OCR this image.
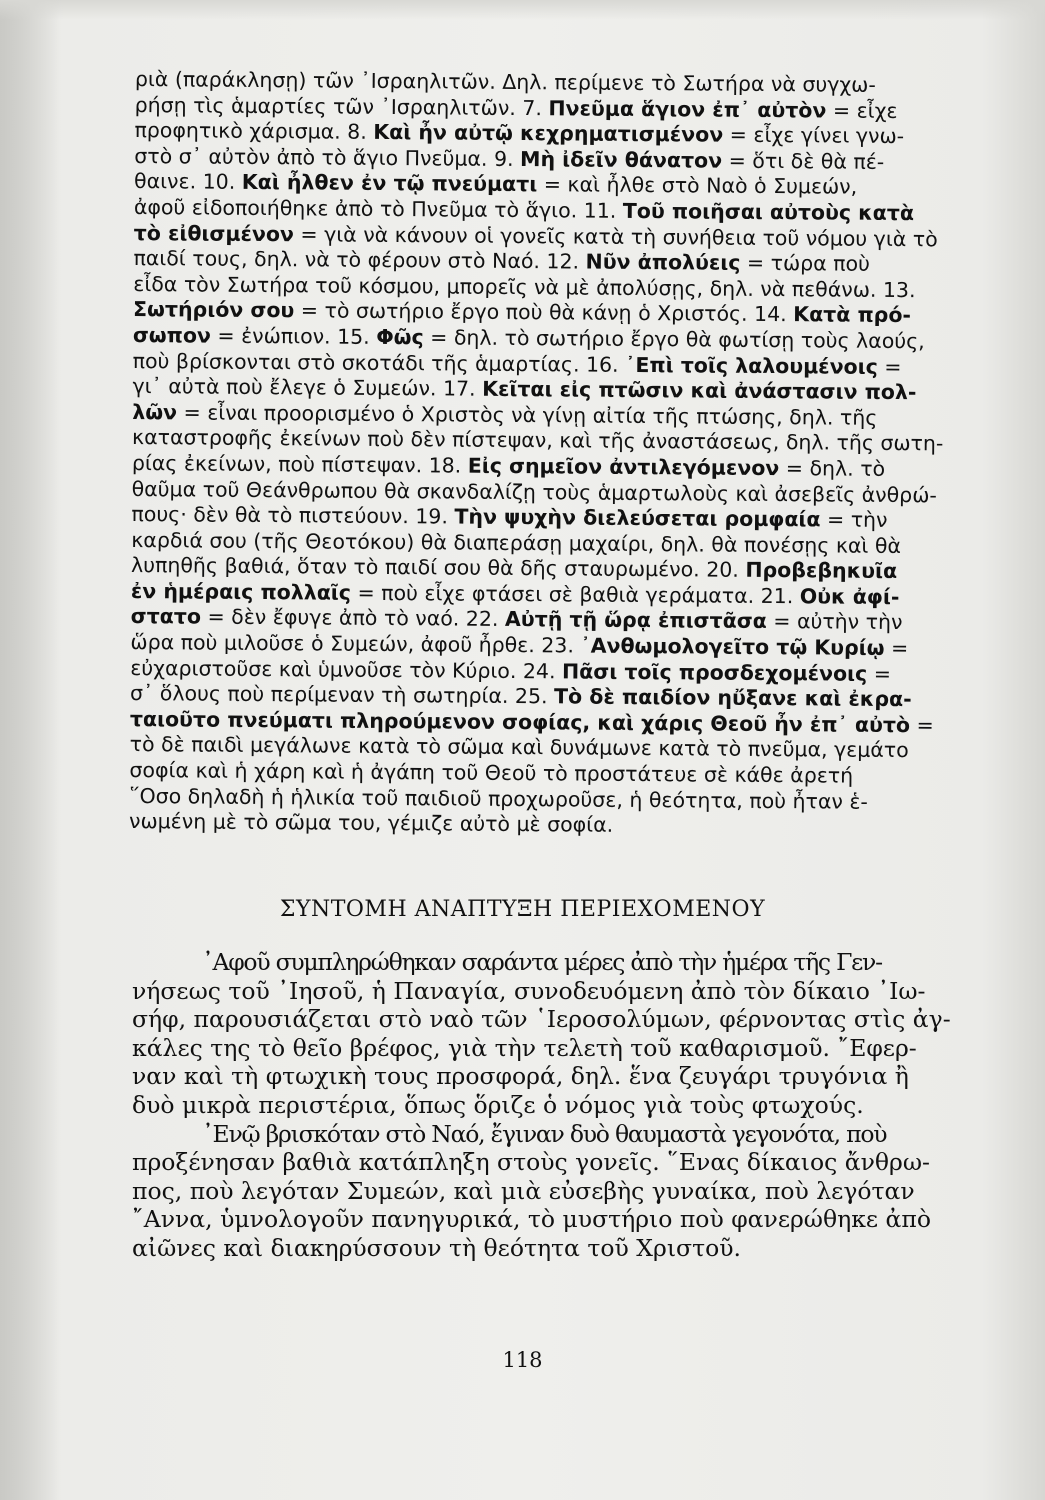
ριὰ (παράκλησῃ) τῶν ᾿Ισραηλιτῶν. Δηλ. περίμενε τὸ Σωτήρα νὰ συγχω-
ρήσῃ τὶς ἁμαρτίες τῶν ᾿Ισραηλιτῶν. 7. Πνεῦμα ἅγιον ἐπ᾿ αὐτὸν = εἶχε
προφητικὸ χάρισμα. 8. Καὶ ἦν αὐτῷ κεχρηματισμένον = εἶχε γίνει γνω-
στὸ σ᾿ αὐτὸν ἀπὸ τὸ ἅγιο Πνεῦμα. 9. Μὴ ἰδεῖν θάνατον = ὅτι δὲ θὰ πέ-
θαινε. 10. Καὶ ἦλθεν ἐν τῷ πνεύματι = καὶ ἦλθε στὸ Ναὸ ὁ Συμεών,
ἀφοῦ εἰδοποιήθηκε ἀπὸ τὸ Πνεῦμα τὸ ἅγιο. 11. Τοῦ ποιῆσαι αὐτοὺς κατὰ
τὸ εἰθισμένον = γιὰ νὰ κάνουν οἱ γονεῖς κατὰ τὴ συνήθεια τοῦ νόμου γιὰ τὸ
παιδί τους, δηλ. νὰ τὸ φέρουν στὸ Ναό. 12. Νῦν ἀπολύεις = τώρα ποὺ
εἶδα τὸν Σωτήρα τοῦ κόσμου, μπορεῖς νὰ μὲ ἀπολύσῃς, δηλ. νὰ πεθάνω. 13.
Σωτήριόν σου = τὸ σωτήριο ἔργο ποὺ θὰ κάνῃ ὁ Χριστός. 14. Κατὰ πρό-
σωπον = ἐνώπιον. 15. Φῶς = δηλ. τὸ σωτήριο ἔργο θὰ φωτίσῃ τοὺς λαούς,
ποὺ βρίσκονται στὸ σκοτάδι τῆς ἁμαρτίας. 16. ᾿Επὶ τοῖς λαλουμένοις =
γι᾿ αὐτὰ ποὺ ἔλεγε ὁ Συμεών. 17. Κεῖται εἰς πτῶσιν καὶ ἀνάστασιν πολ-
λῶν = εἶναι προορισμένο ὁ Χριστὸς νὰ γίνῃ αἰτία τῆς πτώσης, δηλ. τῆς
καταστροφῆς ἐκείνων ποὺ δὲν πίστεψαν, καὶ τῆς ἀναστάσεως, δηλ. τῆς σωτη-
ρίας ἐκείνων, ποὺ πίστεψαν. 18. Εἰς σημεῖον ἀντιλεγόμενον = δηλ. τὸ
θαῦμα τοῦ Θεάνθρωπου θὰ σκανδαλίζῃ τοὺς ἁμαρτωλοὺς καὶ ἀσεβεῖς ἀνθρώ-
πους· δὲν θὰ τὸ πιστεύουν. 19. Τὴν ψυχὴν διελεύσεται ρομφαία = τὴν
καρδιά σου (τῆς Θεοτόκου) θὰ διαπεράσῃ μαχαίρι, δηλ. θὰ πονέσῃς καὶ θὰ
λυπηθῆς βαθιά, ὅταν τὸ παιδί σου θὰ δῆς σταυρωμένο. 20. Προβεβηκυῖα
ἐν ἡμέραις πολλαῖς = ποὺ εἶχε φτάσει σὲ βαθιὰ γεράματα. 21. Οὐκ ἀφί-
στατο = δὲν ἔφυγε ἀπὸ τὸ ναό. 22. Αὐτῇ τῇ ὥρᾳ ἐπιστᾶσα = αὐτὴν τὴν
ὥρα ποὺ μιλοῦσε ὁ Συμεών, ἀφοῦ ἦρθε. 23. ᾿Ανθωμολογεῖτο τῷ Κυρίῳ =
εὐχαριστοῦσε καὶ ὑμνοῦσε τὸν Κύριο. 24. Πᾶσι τοῖς προσδεχομένοις =
σ᾿ ὅλους ποὺ περίμεναν τὴ σωτηρία. 25. Τὸ δὲ παιδίον ηὔξανε καὶ ἐκρα-
ταιοῦτο πνεύματι πληρούμενον σοφίας, καὶ χάρις Θεοῦ ἦν ἐπ᾿ αὐτὸ =
τὸ δὲ παιδὶ μεγάλωνε κατὰ τὸ σῶμα καὶ δυνάμωνε κατὰ τὸ πνεῦμα, γεμάτο
σοφία καὶ ἡ χάρη καὶ ἡ ἀγάπη τοῦ Θεοῦ τὸ προστάτευε σὲ κάθε ἀρετή
῞Οσο δηλαδὴ ἡ ἡλικία τοῦ παιδιοῦ προχωροῦσε, ἡ θεότητα, ποὺ ἦταν ἑ-
νωμένη μὲ τὸ σῶμα του, γέμιζε αὐτὸ μὲ σοφία.
ΣΥΝΤΟΜΗ ΑΝΑΠΤΥΞΗ ΠΕΡΙΕΧΟΜΕΝΟΥ
᾿Αφοῦ συμπληρώθηκαν σαράντα μέρες ἀπὸ τὴν ἡμέρα τῆς Γεν-
νήσεως τοῦ ᾿Ιησοῦ, ἡ Παναγία, συνοδευόμενη ἀπὸ τὸν δίκαιο ᾿Ιω-
σήφ, παρουσιάζεται στὸ ναὸ τῶν ῾Ιεροσολύμων, φέρνοντας στὶς ἀγ-
κάλες της τὸ θεῖο βρέφος, γιὰ τὴν τελετὴ τοῦ καθαρισμοῦ. ῎Εφερ-
ναν καὶ τὴ φτωχικὴ τους προσφορά, δηλ. ἕνα ζευγάρι τρυγόνια ἢ
δυὸ μικρὰ περιστέρια, ὅπως ὅριζε ὁ νόμος γιὰ τοὺς φτωχούς.
᾿Ενῷ βρισκόταν στὸ Ναό, ἔγιναν δυὸ θαυμαστὰ γεγονότα, ποὺ
προξένησαν βαθιὰ κατάπληξη στοὺς γονεῖς. ῞Ενας δίκαιος ἄνθρω-
πος, ποὺ λεγόταν Συμεών, καὶ μιὰ εὐσεβὴς γυναίκα, ποὺ λεγόταν
῎Αννα, ὑμνολογοῦν πανηγυρικά, τὸ μυστήριο ποὺ φανερώθηκε ἀπὸ
αἰῶνες καὶ διακηρύσσουν τὴ θεότητα τοῦ Χριστοῦ.
118
